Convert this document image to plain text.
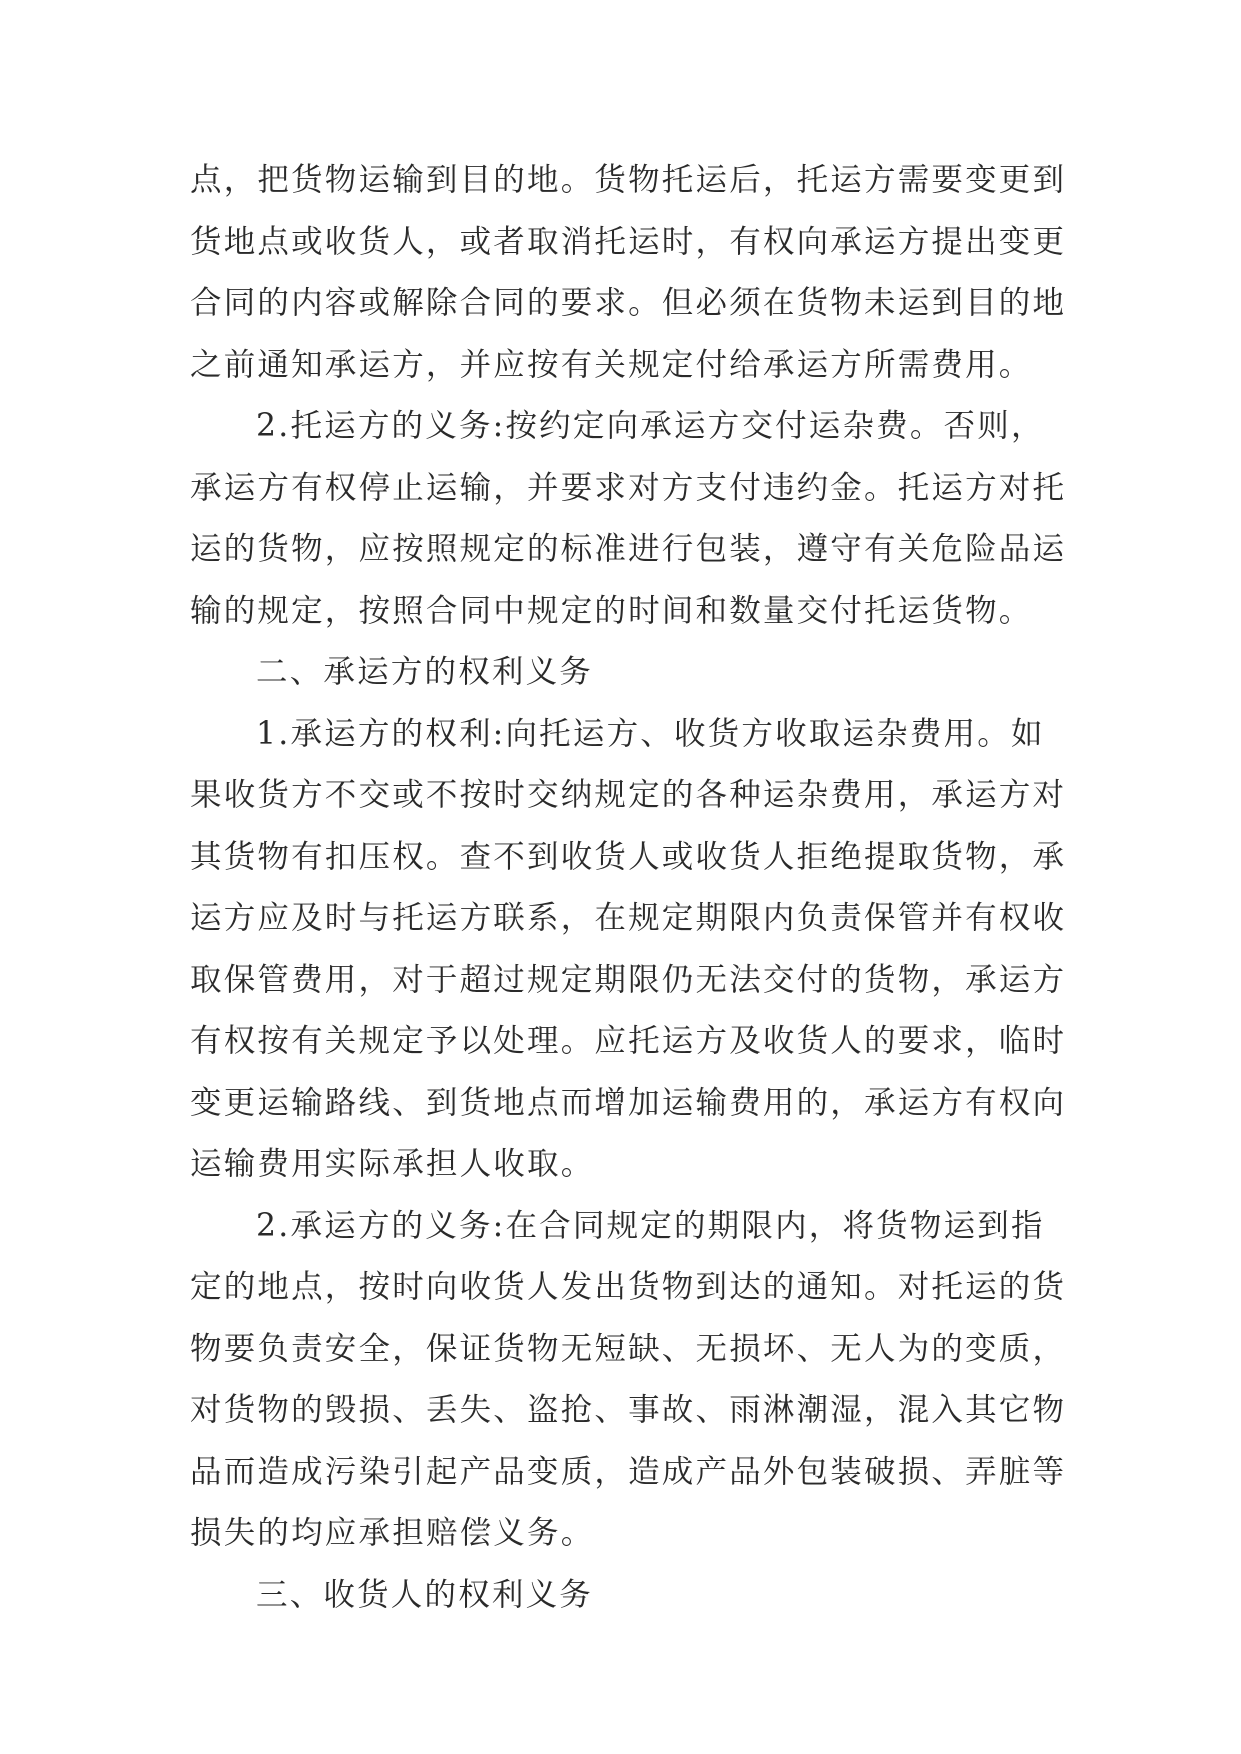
点，把货物运输到目的地。货物托运后，托运方需要变更到
货地点或收货人，或者取消托运时，有权向承运方提出变更
合同的内容或解除合同的要求。但必须在货物未运到目的地
之前通知承运方，并应按有关规定付给承运方所需费用。
2.托运方的义务:按约定向承运方交付运杂费。否则，
承运方有权停止运输，并要求对方支付违约金。托运方对托
运的货物，应按照规定的标准进行包装，遵守有关危险品运
输的规定，按照合同中规定的时间和数量交付托运货物。
二、承运方的权利义务
1.承运方的权利:向托运方、收货方收取运杂费用。如
果收货方不交或不按时交纳规定的各种运杂费用，承运方对
其货物有扣压权。查不到收货人或收货人拒绝提取货物，承
运方应及时与托运方联系，在规定期限内负责保管并有权收
取保管费用，对于超过规定期限仍无法交付的货物，承运方
有权按有关规定予以处理。应托运方及收货人的要求，临时
变更运输路线、到货地点而增加运输费用的，承运方有权向
运输费用实际承担人收取。
2.承运方的义务:在合同规定的期限内，将货物运到指
定的地点，按时向收货人发出货物到达的通知。对托运的货
物要负责安全，保证货物无短缺、无损坏、无人为的变质，
对货物的毁损、丢失、盗抢、事故、雨淋潮湿，混入其它物
品而造成污染引起产品变质，造成产品外包装破损、弄脏等
损失的均应承担赔偿义务。
三、收货人的权利义务
